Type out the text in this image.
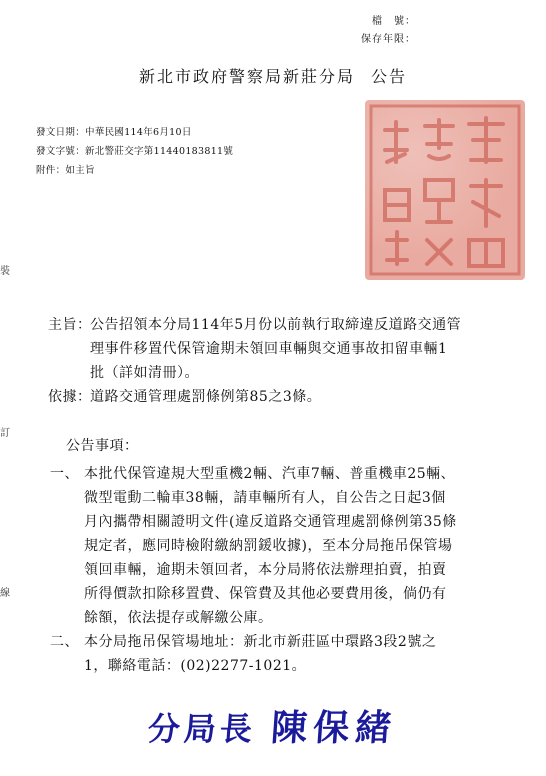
檔　號：
保存年限：
新北市政府警察局新莊分局 公告
發文日期：中華民國114年6月10日
發文字號：新北警莊交字第11440183811號
附件：如主旨
裝
訂
線
主旨：
公告招領本分局114年5月份以前執行取締違反道路交通管
理事件移置代保管逾期未領回車輛與交通事故扣留車輛1
批（詳如清冊）。
依據：
道路交通管理處罰條例第85之3條。
公告事項：
一、 本批代保管違規大型重機2輛、汽車7輛、普重機車25輛、
微型電動二輪車38輛，請車輛所有人，自公告之日起3個
月內攜帶相關證明文件(違反道路交通管理處罰條例第35條
規定者，應同時檢附繳納罰鍰收據)，至本分局拖吊保管場
領回車輛，逾期未領回者，本分局將依法辦理拍賣，拍賣
所得價款扣除移置費、保管費及其他必要費用後，倘仍有
餘額，依法提存或解繳公庫。
二、 本分局拖吊保管場地址：新北市新莊區中環路3段2號之
1，聯絡電話：(02)2277-1021。
分局長 陳保緒
